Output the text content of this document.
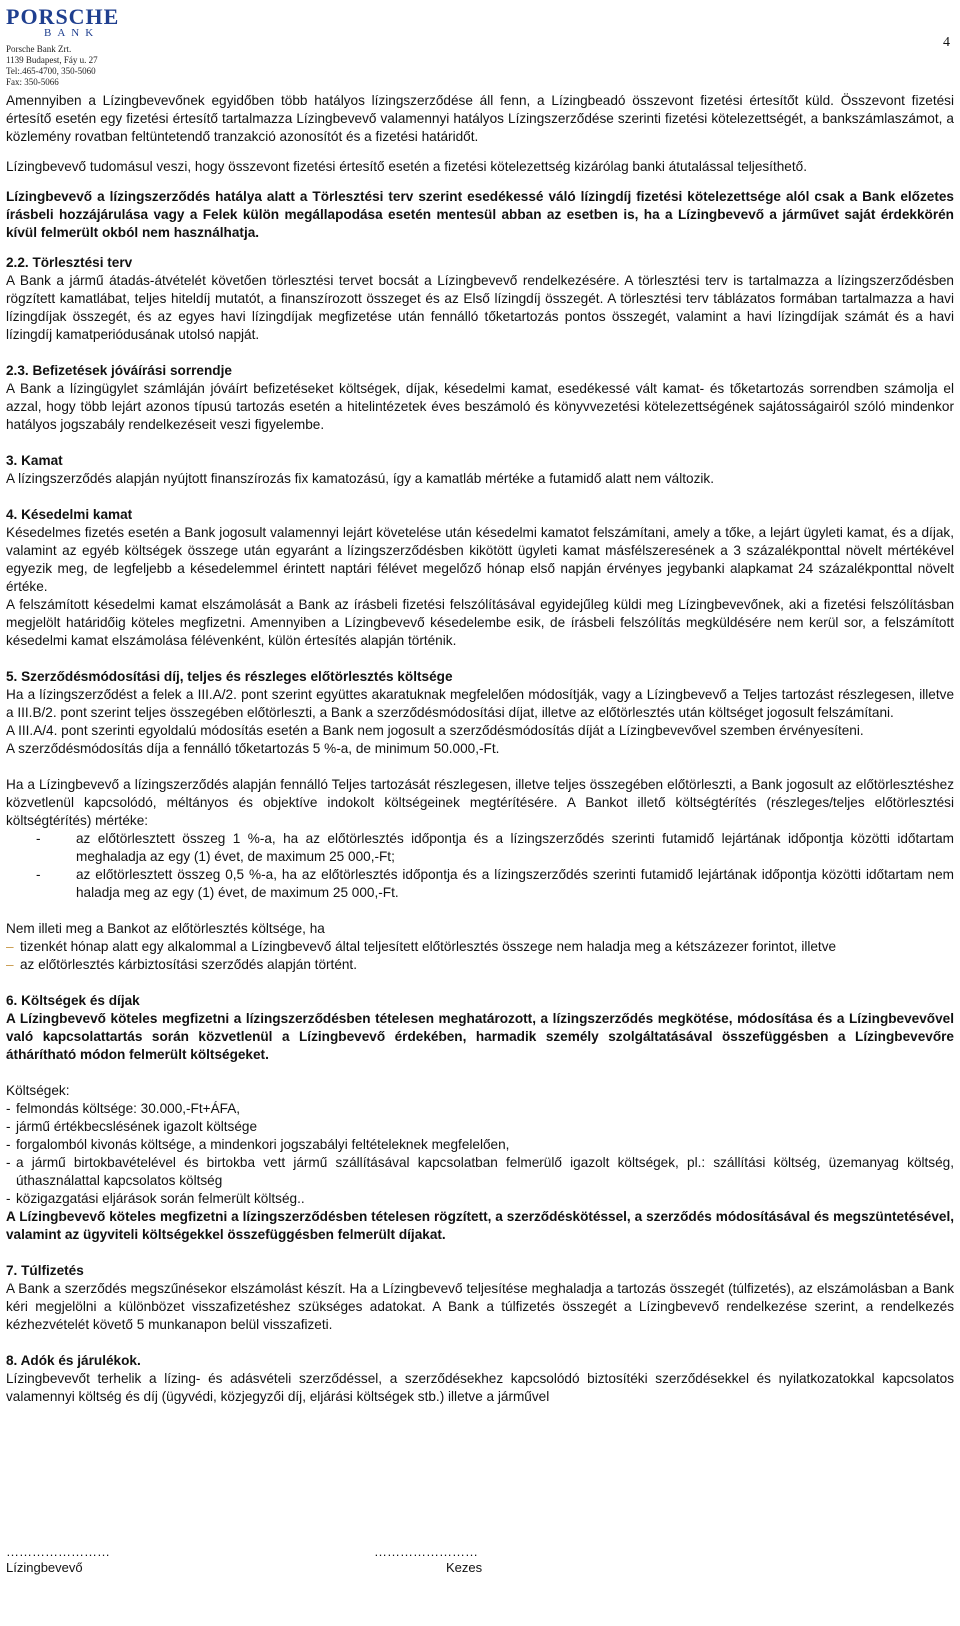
PORSCHE
BANK
Porsche Bank Zrt.
1139 Budapest, Fáy u. 27
Tel:.465-4700, 350-5060
Fax: 350-5066
4

Amennyiben a Lízingbevevőnek egyidőben több hatályos lízingszerződése áll fenn, a Lízingbeadó összevont fizetési értesítőt küld. Összevont fizetési értesítő esetén egy fizetési értesítő tartalmazza Lízingbevevő valamennyi hatályos Lízingszerződése szerinti fizetési kötelezettségét, a bankszámlaszámot, a közlemény rovatban feltüntetendő tranzakció azonosítót és a fizetési határidőt.

Lízingbevevő tudomásul veszi, hogy összevont fizetési értesítő esetén a fizetési kötelezettség kizárólag banki átutalással teljesíthető.

Lízingbevevő a lízingszerződés hatálya alatt a Törlesztési terv szerint esedékessé váló lízingdíj fizetési kötelezettsége alól csak a Bank előzetes írásbeli hozzájárulása vagy a Felek külön megállapodása esetén mentesül abban az esetben is, ha a Lízingbevevő a járművet saját érdekkörén kívül felmerült okból nem használhatja.

2.2. Törlesztési terv

A Bank a jármű átadás-átvételét követően törlesztési tervet bocsát a Lízingbevevő rendelkezésére. A törlesztési terv is tartalmazza a lízingszerződésben rögzített kamatlábat, teljes hiteldíj mutatót, a finanszírozott összeget és az Első lízingdíj összegét. A törlesztési terv táblázatos formában tartalmazza a havi lízingdíjak összegét, és az egyes havi lízingdíjak megfizetése után fennálló tőketartozás pontos összegét, valamint a havi lízingdíjak számát és a havi lízingdíj kamatperiódusának utolsó napját.

2.3. Befizetések jóváírási sorrendje

A Bank a lízingügylet számláján jóváírt befizetéseket költségek, díjak, késedelmi kamat, esedékessé vált kamat- és tőketartozás sorrendben számolja el azzal, hogy több lejárt azonos típusú tartozás esetén a hitelintézetek éves beszámoló és könyvvezetési kötelezettségének sajátosságairól szóló mindenkor hatályos jogszabály rendelkezéseit veszi figyelembe.

3. Kamat

A lízingszerződés alapján nyújtott finanszírozás fix kamatozású, így a kamatláb mértéke a futamidő alatt nem változik.

4. Késedelmi kamat

Késedelmes fizetés esetén a Bank jogosult valamennyi lejárt követelése után késedelmi kamatot felszámítani, amely a tőke, a lejárt ügyleti kamat, és a díjak, valamint az egyéb költségek összege után egyaránt a lízingszerződésben kikötött ügyleti kamat másfélszeresének a 3 százalékponttal növelt mértékével egyezik meg, de legfeljebb a késedelemmel érintett naptári félévet megelőző hónap első napján érvényes jegybanki alapkamat 24 százalékponttal növelt értéke.

A felszámított késedelmi kamat elszámolását a Bank az írásbeli fizetési felszólításával egyidejűleg küldi meg Lízingbevevőnek, aki a fizetési felszólításban megjelölt határidőig köteles megfizetni. Amennyiben a Lízingbevevő késedelembe esik, de írásbeli felszólítás megküldésére nem kerül sor, a felszámított késedelmi kamat elszámolása félévenként, külön értesítés alapján történik.

5. Szerződésmódosítási díj, teljes és részleges előtörlesztés költsége

Ha a lízingszerződést a felek a III.A/2. pont szerint együttes akaratuknak megfelelően módosítják, vagy a Lízingbevevő a Teljes tartozást részlegesen, illetve a III.B/2. pont szerint teljes összegében előtörleszti, a Bank a szerződésmódosítási díjat, illetve az előtörlesztés után költséget jogosult felszámítani.

A III.A/4. pont szerinti egyoldalú módosítás esetén a Bank nem jogosult a szerződésmódosítás díját a Lízingbevevővel szemben érvényesíteni.

A szerződésmódosítás díja a fennálló tőketartozás 5 %-a, de minimum 50.000,-Ft.

Ha a Lízingbevevő a lízingszerződés alapján fennálló Teljes tartozását részlegesen, illetve teljes összegében előtörleszti, a Bank jogosult az előtörlesztéshez közvetlenül kapcsolódó, méltányos és objektíve indokolt költségeinek megtérítésére. A Bankot illető költségtérítés (részleges/teljes előtörlesztési költségtérítés) mértéke:

-	az előtörlesztett összeg 1 %-a, ha az előtörlesztés időpontja és a lízingszerződés szerinti futamidő lejártának időpontja közötti időtartam meghaladja az egy (1) évet, de maximum 25 000,-Ft;
-	az előtörlesztett összeg 0,5 %-a, ha az előtörlesztés időpontja és a lízingszerződés szerinti futamidő lejártának időpontja közötti időtartam nem haladja meg az egy (1) évet, de maximum 25 000,-Ft.

Nem illeti meg a Bankot az előtörlesztés költsége, ha

– tizenkét hónap alatt egy alkalommal a Lízingbevevő által teljesített előtörlesztés összege nem haladja meg a kétszázezer forintot, illetve
– az előtörlesztés kárbiztosítási szerződés alapján történt.

6. Költségek és díjak

A Lízingbevevő köteles megfizetni a lízingszerződésben tételesen meghatározott, a lízingszerződés megkötése, módosítása és a Lízingbevevővel való kapcsolattartás során közvetlenül a Lízingbevevő érdekében, harmadik személy szolgáltatásával összefüggésben a Lízingbevevőre áthárítható módon felmerült költségeket.

Költségek:

- felmondás költsége: 30.000,-Ft+ÁFA,
- jármű értékbecslésének igazolt költsége
- forgalomból kivonás költsége, a mindenkori jogszabályi feltételeknek megfelelően,
- a jármű birtokbavételével és birtokba vett jármű szállításával kapcsolatban felmerülő igazolt költségek, pl.: szállítási költség, üzemanyag költség, úthasználattal kapcsolatos költség
- közigazgatási eljárások során felmerült költség..

A Lízingbevevő köteles megfizetni a lízingszerződésben tételesen rögzített, a szerződéskötéssel, a szerződés módosításával és megszüntetésével, valamint az ügyviteli költségekkel összefüggésben felmerült díjakat.

7. Túlfizetés

A Bank a szerződés megszűnésekor elszámolást készít. Ha a Lízingbevevő teljesítése meghaladja a tartozás összegét (túlfizetés), az elszámolásban a Bank kéri megjelölni a különbözet visszafizetéshez szükséges adatokat. A Bank a túlfizetés összegét a Lízingbevevő rendelkezése szerint, a rendelkezés kézhezvételét követő 5 munkanapon belül visszafizeti.

8. Adók és járulékok.

Lízingbevevőt terhelik a lízing- és adásvételi szerződéssel, a szerződésekhez kapcsolódó biztosítéki szerződésekkel és nyilatkozatokkal kapcsolatos valamennyi költség és díj (ügyvédi, közjegyzői díj, eljárási költségek stb.) illetve a járművel

……………………
Lízingbevevő
……………………
Kezes
